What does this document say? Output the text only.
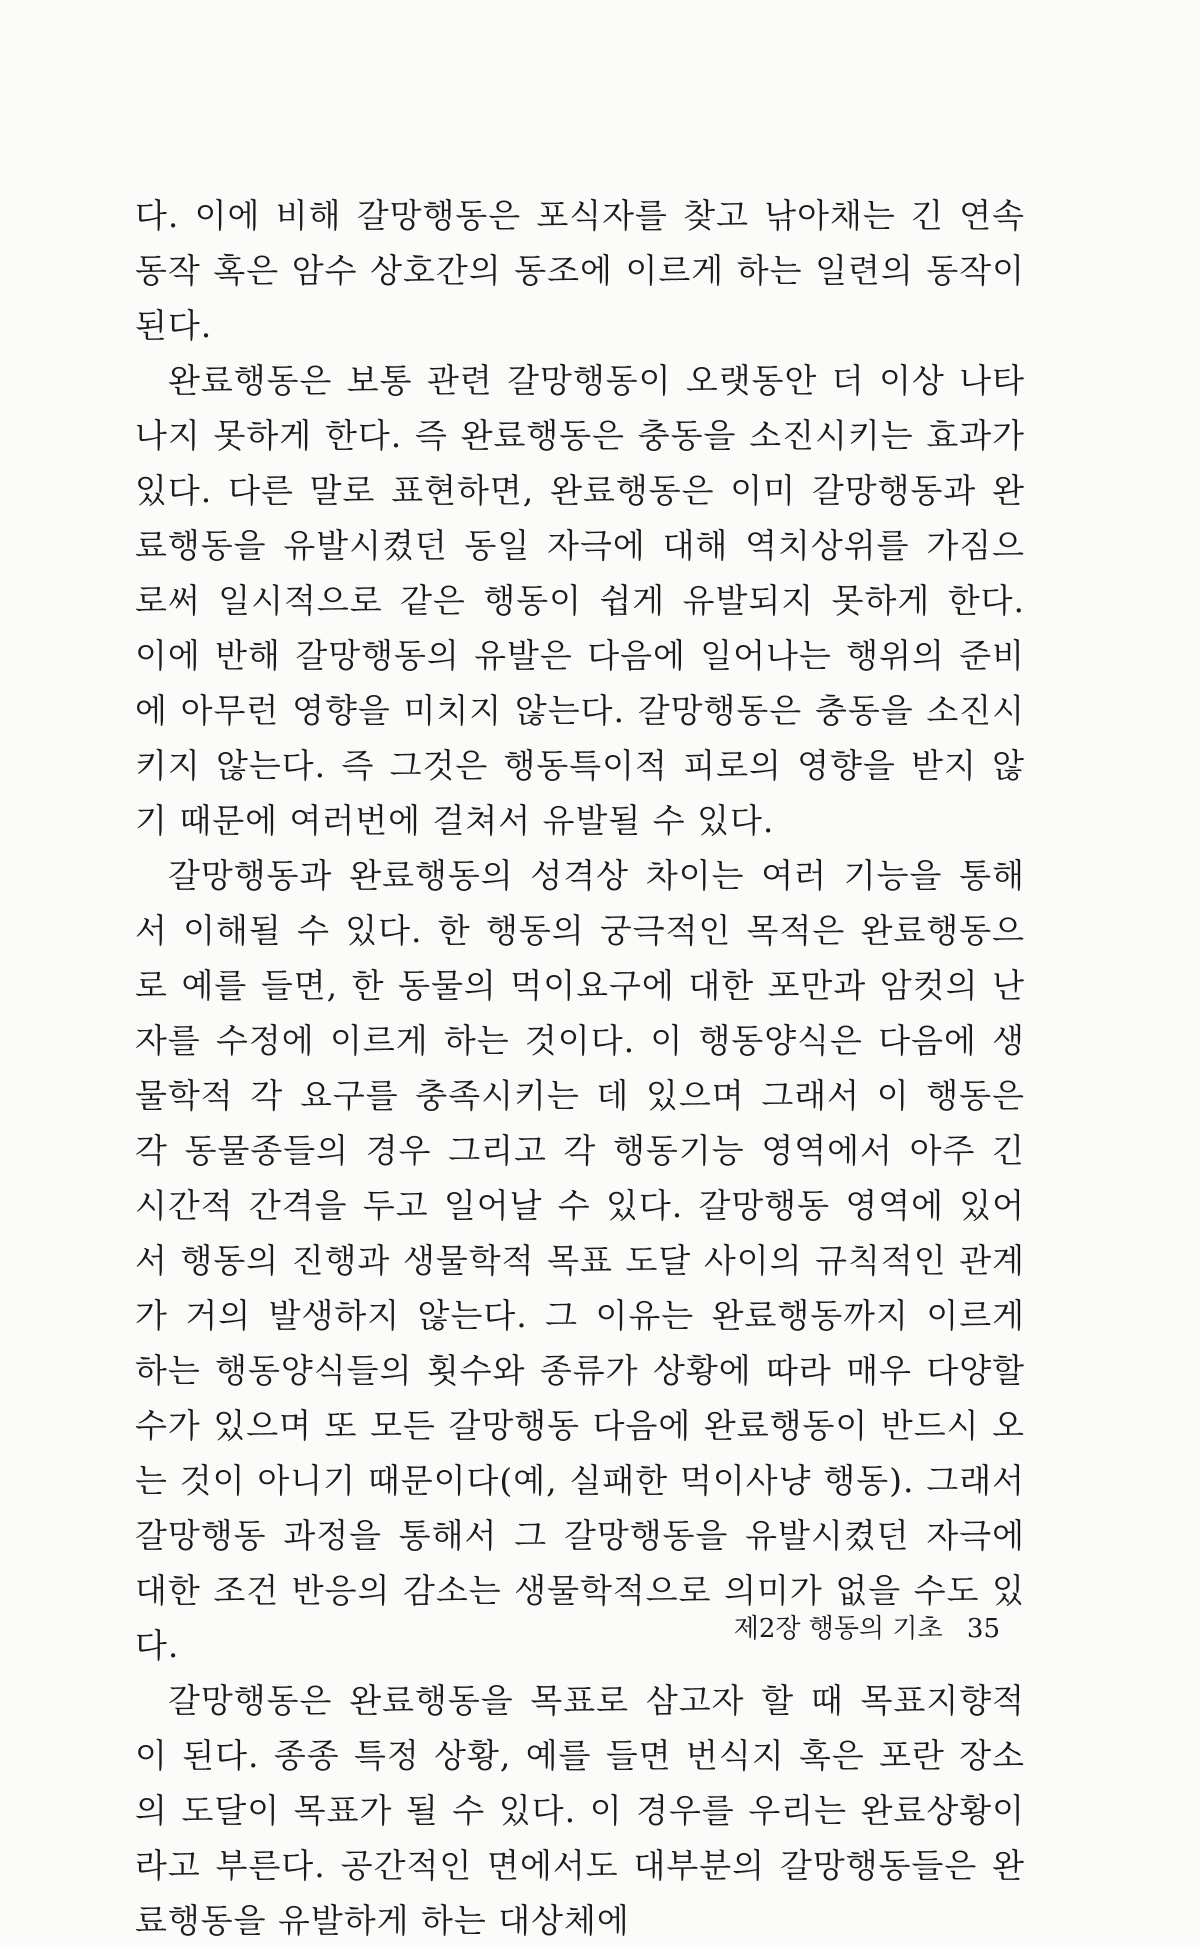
다. 이에 비해 갈망행동은 포식자를 찾고 낚아채는 긴 연속동작 혹은 암수 상호간의 동조에 이르게 하는 일련의 동작이 된다.

완료행동은 보통 관련 갈망행동이 오랫동안 더 이상 나타나지 못하게 한다. 즉 완료행동은 충동을 소진시키는 효과가 있다. 다른 말로 표현하면, 완료행동은 이미 갈망행동과 완료행동을 유발시켰던 동일 자극에 대해 역치상위를 가짐으로써 일시적으로 같은 행동이 쉽게 유발되지 못하게 한다. 이에 반해 갈망행동의 유발은 다음에 일어나는 행위의 준비에 아무런 영향을 미치지 않는다. 갈망행동은 충동을 소진시키지 않는다. 즉 그것은 행동특이적 피로의 영향을 받지 않기 때문에 여러번에 걸쳐서 유발될 수 있다.

갈망행동과 완료행동의 성격상 차이는 여러 기능을 통해서 이해될 수 있다. 한 행동의 궁극적인 목적은 완료행동으로 예를 들면, 한 동물의 먹이요구에 대한 포만과 암컷의 난자를 수정에 이르게 하는 것이다. 이 행동양식은 다음에 생물학적 각 요구를 충족시키는 데 있으며 그래서 이 행동은 각 동물종들의 경우 그리고 각 행동기능 영역에서 아주 긴 시간적 간격을 두고 일어날 수 있다. 갈망행동 영역에 있어서 행동의 진행과 생물학적 목표 도달 사이의 규칙적인 관계가 거의 발생하지 않는다. 그 이유는 완료행동까지 이르게 하는 행동양식들의 횟수와 종류가 상황에 따라 매우 다양할 수가 있으며 또 모든 갈망행동 다음에 완료행동이 반드시 오는 것이 아니기 때문이다(예, 실패한 먹이사냥 행동). 그래서 갈망행동 과정을 통해서 그 갈망행동을 유발시켰던 자극에 대한 조건 반응의 감소는 생물학적으로 의미가 없을 수도 있다.

갈망행동은 완료행동을 목표로 삼고자 할 때 목표지향적이 된다. 종종 특정 상황, 예를 들면 번식지 혹은 포란 장소의 도달이 목표가 될 수 있다. 이 경우를 우리는 완료상황이라고 부른다. 공간적인 면에서도 대부분의 갈망행동들은 완료행동을 유발하게 하는 대상체에

제2장 행동의 기초 35
